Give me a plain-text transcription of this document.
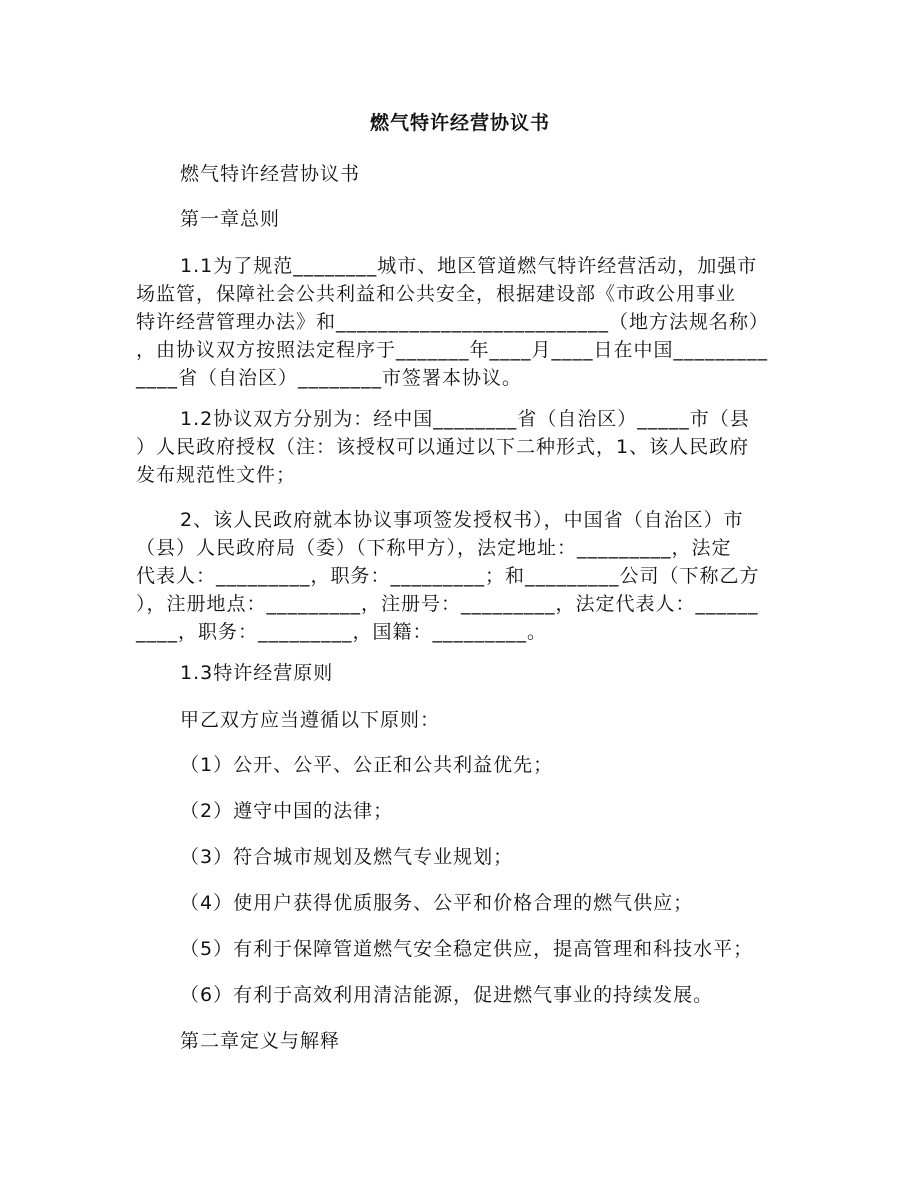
燃气特许经营协议书
燃气特许经营协议书
第一章总则
1.1为了规范________城市、地区管道燃气特许经营活动，加强市
场监管，保障社会公共利益和公共安全，根据建设部《市政公用事业
特许经营管理办法》和__________________________（地方法规名称）
，由协议双方按照法定程序于_______年____月____日在中国_________
____省（自治区）________市签署本协议。
1.2协议双方分别为：经中国________省（自治区）_____市（县
）人民政府授权（注：该授权可以通过以下二种形式，1、该人民政府
发布规范性文件；
2、该人民政府就本协议事项签发授权书），中国省（自治区）市
（县）人民政府局（委）（下称甲方），法定地址：_________，法定
代表人：_________，职务：_________；和_________公司（下称乙方
），注册地点：_________，注册号：_________，法定代表人：______
____，职务：_________，国籍：_________。
1.3特许经营原则
甲乙双方应当遵循以下原则：
（1）公开、公平、公正和公共利益优先；
（2）遵守中国的法律；
（3）符合城市规划及燃气专业规划；
（4）使用户获得优质服务、公平和价格合理的燃气供应；
（5）有利于保障管道燃气安全稳定供应，提高管理和科技水平；
（6）有利于高效利用清洁能源，促进燃气事业的持续发展。
第二章定义与解释
